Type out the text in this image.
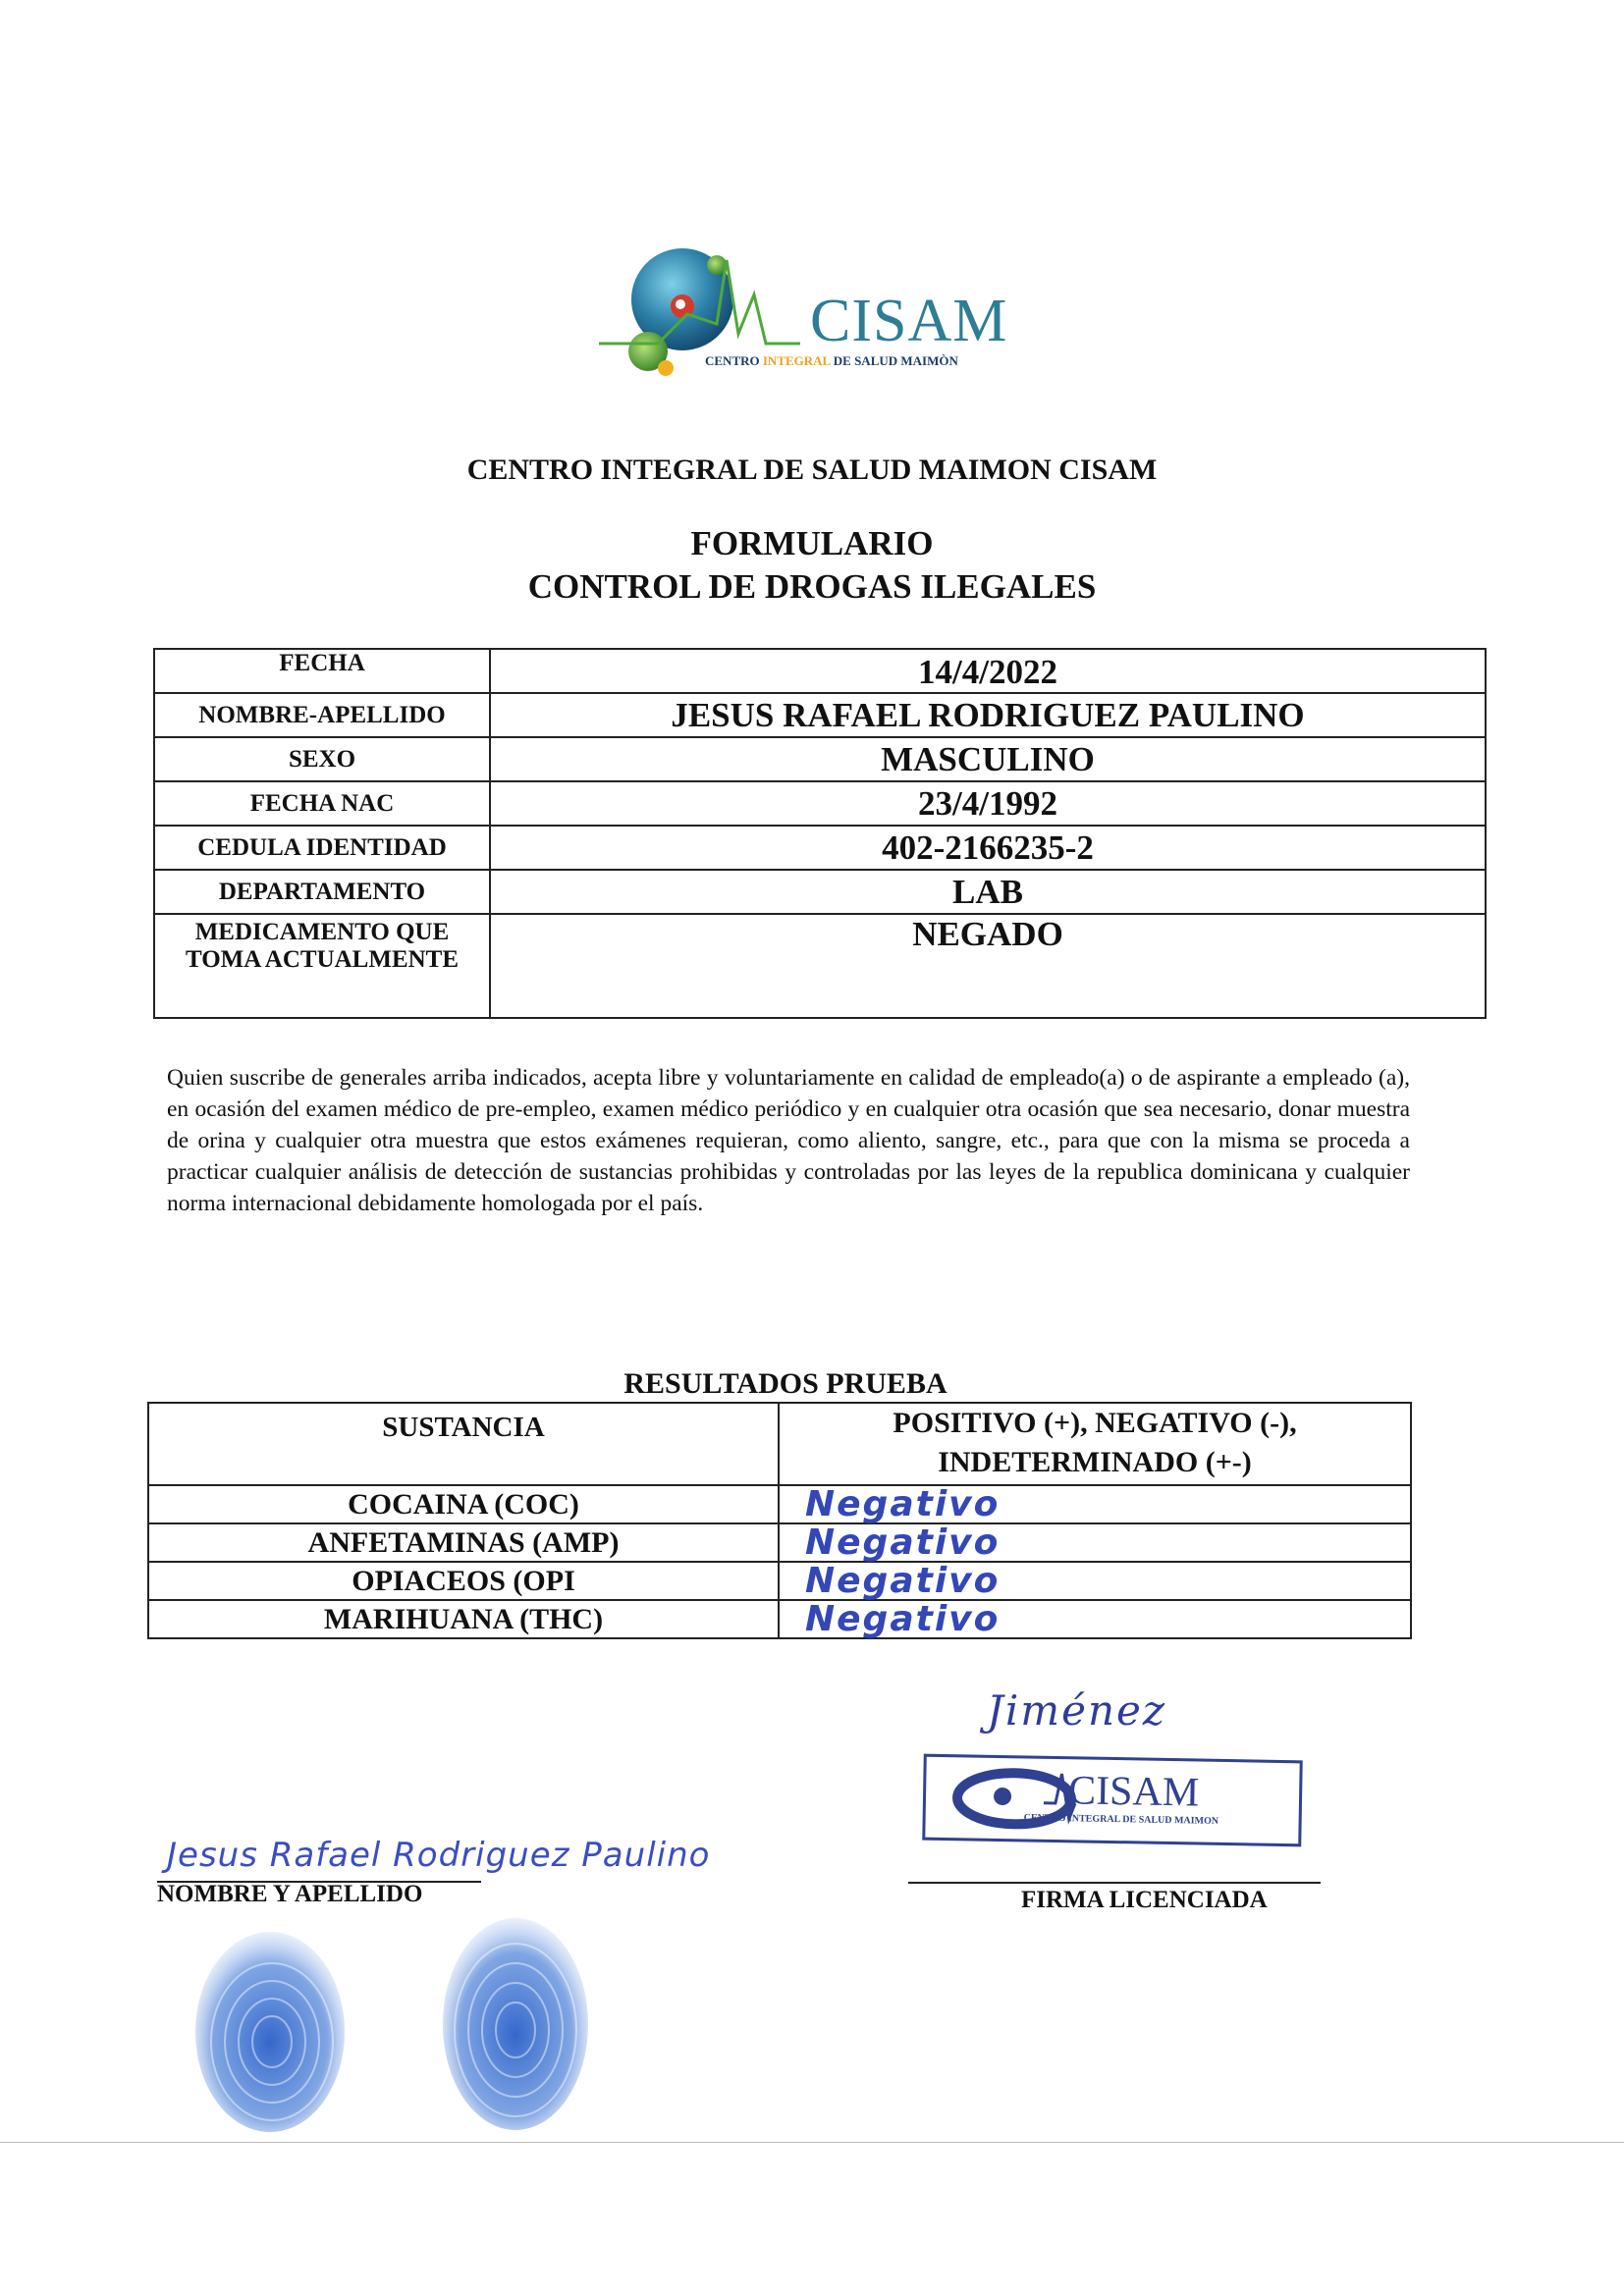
CISAM
CENTRO INTEGRAL DE SALUD MAIMÒN
CENTRO INTEGRAL DE SALUD MAIMON CISAM
FORMULARIO
CONTROL DE DROGAS ILEGALES
FECHA	14/4/2022
NOMBRE-APELLIDO	JESUS RAFAEL RODRIGUEZ PAULINO
SEXO	MASCULINO
FECHA NAC	23/4/1992
CEDULA IDENTIDAD	402-2166235-2
DEPARTAMENTO	LAB

MEDICAMENTO QUE
TOMA ACTUALMENTE	NEGADO
Quien suscribe de generales arriba indicados, acepta libre y voluntariamente en calidad de empleado(a) o de aspirante a empleado (a), en ocasión del examen médico de pre-empleo, examen médico periódico y en cualquier otra ocasión que sea necesario, donar muestra de orina y cualquier otra muestra que estos exámenes requieran, como aliento, sangre, etc., para que con la misma se proceda a practicar cualquier análisis de detección de sustancias prohibidas y controladas por las leyes de la republica dominicana y cualquier norma internacional debidamente homologada por el país.
RESULTADOS PRUEBA
SUSTANCIA	POSITIVO (+), NEGATIVO (-),
INDETERMINADO (+-)

COCAINA (COC)	Negativo
ANFETAMINAS (AMP)	Negativo
OPIACEOS (OPI	Negativo
MARIHUANA (THC)	Negativo
Jiménez
CISAM
CENTRO INTEGRAL DE SALUD MAIMON
FIRMA LICENCIADA
Jesus Rafael Rodriguez Paulino
NOMBRE Y APELLIDO
